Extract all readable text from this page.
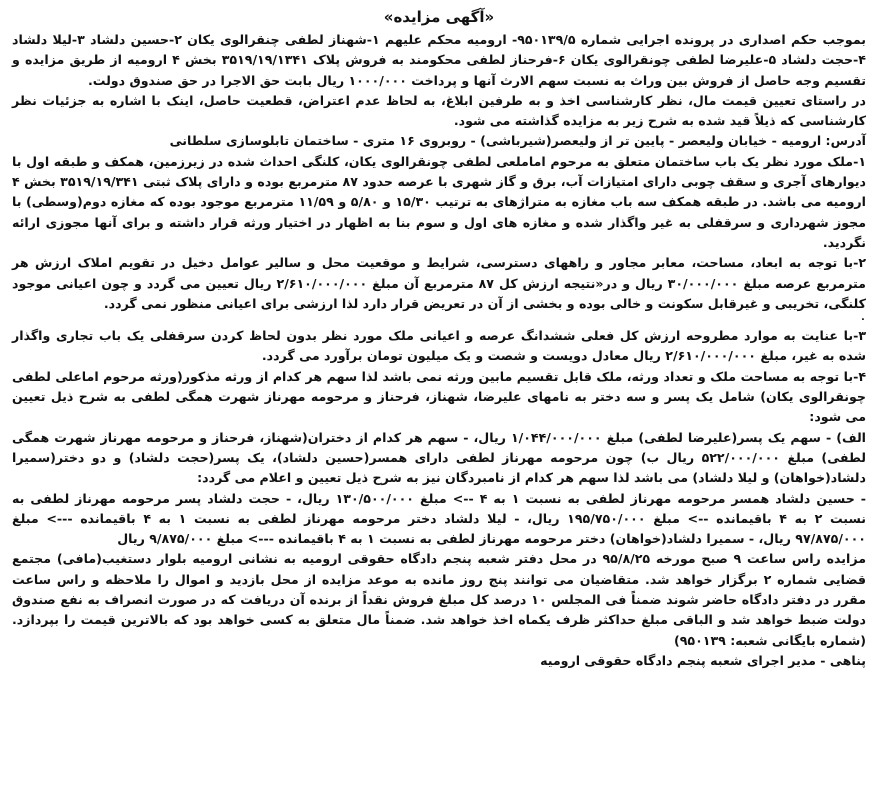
«آگهی مزایده»

بموجب حکم اصداری در پرونده اجرایی شماره ۹۵۰۱۳۹/۵- ارومیه محکم علیهم ۱-شهناز لطفی چنقرالوی یکان ۲-حسین دلشاد ۳-لیلا دلشاد ۴-حجت دلشاد ۵-علیرضا لطفی چونقرالوی یکان ۶-فرحناز لطفی محکومند به فروش پلاک ۳۵۱۹/۱۹/۱۳۴۱ بخش ۴ ارومیه از طریق مزایده و تقسیم وجه حاصل از فروش بین وراث به نسبت سهم الارث آنها و پرداخت ۱۰۰۰/۰۰۰ ریال بابت حق الاجرا در حق صندوق دولت.

در راستای تعیین قیمت مال، نظر کارشناسی اخذ و به طرفین ابلاغ، به لحاظ عدم اعتراض، قطعیت حاصل، اینک با اشاره به جزئیات نظر کارشناسی که ذیلاً قید شده به شرح زیر به مزایده گذاشته می شود.

آدرس: ارومیه - خیابان ولیعصر - پایین تر از ولیعصر(شیرباشی) - روبروی ۱۶ متری - ساختمان تابلوسازی سلطانی

۱-ملک مورد نظر یک باب ساختمان متعلق به مرحوم اماملعی لطفی چونقرالوی یکان، کلنگی احداث شده در زیرزمین، همکف و طبقه اول با دیوارهای آجری و سقف چوبی دارای امتیازات آب، برق و گاز شهری با عرصه حدود ۸۷ مترمربع بوده و دارای پلاک ثبتی ۳۵۱۹/۱۹/۳۴۱ بخش ۴ ارومیه می باشد. در طبقه همکف سه باب مغازه به متراژهای به ترتیب ۱۵/۳۰ و ۵/۸۰ و ۱۱/۵۹ مترمربع موجود بوده که مغازه دوم(وسطی) با مجوز شهرداری و سرقفلی به غیر واگذار شده و مغازه های اول و سوم بنا به اظهار در اختیار ورثه قرار داشته و برای آنها مجوزی ارائه نگردید.

۲-با توجه به ابعاد، مساحت، معابر مجاور و راههای دسترسی، شرایط و موقعیت محل و سالیر عوامل دخیل در تقویم املاک ارزش هر مترمربع عرصه مبلغ ۳۰/۰۰۰/۰۰۰ ریال و در«نتیجه ارزش کل ۸۷ مترمربع آن مبلغ ۲/۶۱۰/۰۰۰/۰۰۰ ریال تعیین می گردد و چون اعیانی موجود کلنگی، تخریبی و غیرقابل سکونت و خالی بوده و بخشی از آن در تعریض قرار دارد لذا ارزشی برای اعیانی منظور نمی گردد.

۰

۳-با عنایت به موارد مطروحه ارزش کل فعلی ششدانگ عرصه و اعیانی ملک مورد نظر بدون لحاظ کردن سرقفلی یک باب تجاری واگذار شده به غیر، مبلغ ۲/۶۱۰/۰۰۰/۰۰۰ ریال معادل دویست و شصت و یک میلیون تومان برآورد می گردد.

۴-با توجه به مساحت ملک و تعداد ورثه، ملک قابل تقسیم مابین ورثه نمی باشد لذا سهم هر کدام از ورثه مذکور(ورثه مرحوم اماعلی لطفی چونقرالوی یکان) شامل یک پسر و سه دختر به نامهای علیرضا، شهناز، فرحناز و مرحومه مهرناز شهرت همگی لطفی به شرح ذیل تعیین می شود:

الف) - سهم یک پسر(علیرضا لطفی) مبلغ ۱/۰۴۴/۰۰۰/۰۰۰ ریال، - سهم هر کدام از دختران(شهناز، فرحناز و مرحومه مهرناز شهرت همگی لطفی) مبلغ ۵۲۲/۰۰۰/۰۰۰ ریال ب) چون مرحومه مهرناز لطفی دارای همسر(حسین دلشاد)، یک پسر(حجت دلشاد) و دو دختر(سمیرا دلشاد(خواهان) و لیلا دلشاد) می باشد لذا سهم هر کدام از نامبردگان نیز به شرح ذیل تعیین و اعلام می گردد:

- حسین دلشاد همسر مرحومه مهرناز لطفی به نسبت ۱ به ۴ --> مبلغ ۱۳۰/۵۰۰/۰۰۰ ریال، - حجت دلشاد پسر مرحومه مهرناز لطفی به نسبت ۲ به ۴ باقیمانده --> مبلغ ۱۹۵/۷۵۰/۰۰۰ ریال، - لیلا دلشاد دختر مرحومه مهرناز لطفی به نسبت ۱ به ۴ باقیمانده ---> مبلغ ۹۷/۸۷۵/۰۰۰ ریال، - سمیرا دلشاد(خواهان) دختر مرحومه مهرناز لطفی به نسبت ۱ به ۴ باقیمانده ---> مبلغ ۹/۸۷۵/۰۰۰ ریال

مزایده راس ساعت ۹ صبح مورخه ۹۵/۸/۲۵ در محل دفتر شعبه پنجم دادگاه حقوقی ارومیه به نشانی ارومیه بلوار دستغیب(مافی) مجتمع قضایی شماره ۲ برگزار خواهد شد. متقاضیان می توانند پنج روز مانده به موعد مزایده از محل بازدید و اموال را ملاحظه و راس ساعت مقرر در دفتر دادگاه حاضر شوند ضمناً فی المجلس ۱۰ درصد کل مبلغ فروش نقداً از برنده آن دریافت که در صورت انصراف به نفع صندوق دولت ضبط خواهد شد و الباقی مبلغ حداکثر ظرف یکماه اخذ خواهد شد. ضمناً مال متعلق به کسی خواهد بود که بالاترین قیمت را بپردازد.(شماره بایگانی شعبه: ۹۵۰۱۳۹)

پناهی - مدیر اجرای شعبه پنجم دادگاه حقوقی ارومیه
